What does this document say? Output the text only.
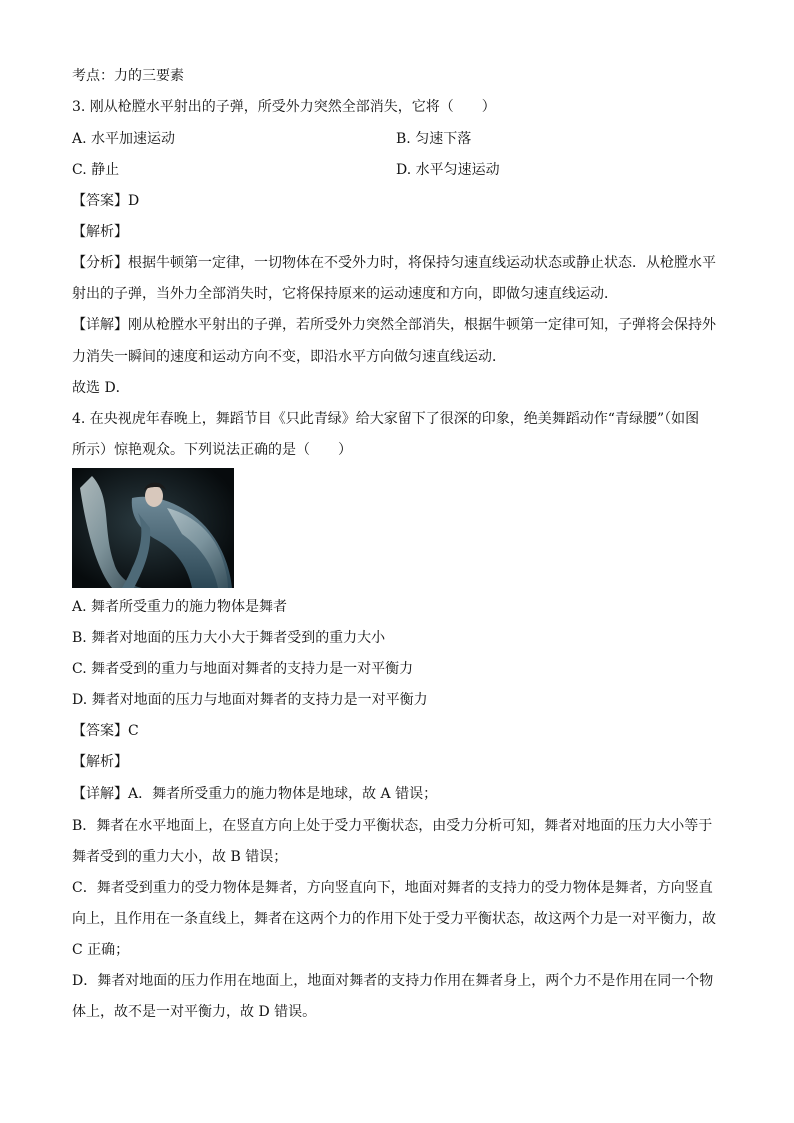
考点：力的三要素
3. 刚从枪膛水平射出的子弹，所受外力突然全部消失，它将（　　）
A. 水平加速运动	B. 匀速下落
C. 静止	D. 水平匀速运动
【答案】D
【解析】
【分析】根据牛顿第一定律，一切物体在不受外力时，将保持匀速直线运动状态或静止状态．从枪膛水平
射出的子弹，当外力全部消失时，它将保持原来的运动速度和方向，即做匀速直线运动．
【详解】刚从枪膛水平射出的子弹，若所受外力突然全部消失，根据牛顿第一定律可知，子弹将会保持外
力消失一瞬间的速度和运动方向不变，即沿水平方向做匀速直线运动．
故选 D．
4. 在央视虎年春晚上，舞蹈节目《只此青绿》给大家留下了很深的印象，绝美舞蹈动作“青绿腰”（如图
所示）惊艳观众。下列说法正确的是（　　）
A. 舞者所受重力的施力物体是舞者
B. 舞者对地面的压力大小大于舞者受到的重力大小
C. 舞者受到的重力与地面对舞者的支持力是一对平衡力
D. 舞者对地面的压力与地面对舞者的支持力是一对平衡力
【答案】C
【解析】
【详解】A．舞者所受重力的施力物体是地球，故 A 错误；
B．舞者在水平地面上，在竖直方向上处于受力平衡状态，由受力分析可知，舞者对地面的压力大小等于
舞者受到的重力大小，故 B 错误；
C．舞者受到重力的受力物体是舞者，方向竖直向下，地面对舞者的支持力的受力物体是舞者，方向竖直
向上，且作用在一条直线上，舞者在这两个力的作用下处于受力平衡状态，故这两个力是一对平衡力，故
C 正确；
D．舞者对地面的压力作用在地面上，地面对舞者的支持力作用在舞者身上，两个力不是作用在同一个物
体上，故不是一对平衡力，故 D 错误。
